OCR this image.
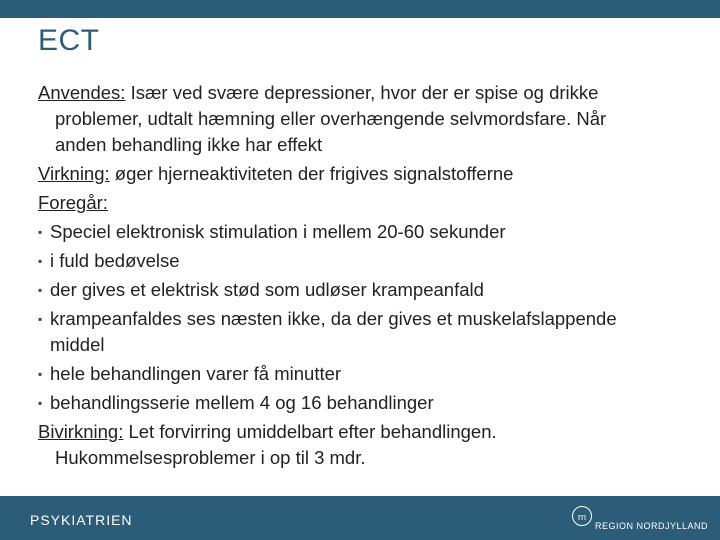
ECT

Anvendes: Især ved svære depressioner, hvor der er spise og drikke
problemer, udtalt hæmning eller overhængende selvmordsfare. Når
anden behandling ikke har effekt

Virkning: øger hjerneaktiviteten der frigives signalstofferne

Foregår:

▪ Speciel elektronisk stimulation i mellem 20-60 sekunder
▪ i fuld bedøvelse
▪ der gives et elektrisk stød som udløser krampeanfald
▪ krampeanfaldes ses næsten ikke, da der gives et muskelafslappende
middel
▪ hele behandlingen varer få minutter
▪ behandlingsserie mellem 4 og 16 behandlinger

Bivirkning: Let forvirring umiddelbart efter behandlingen.
Hukommelsesproblemer i op til 3 mdr.

PSYKIATRIEN	rn
REGION NORDJYLLAND
